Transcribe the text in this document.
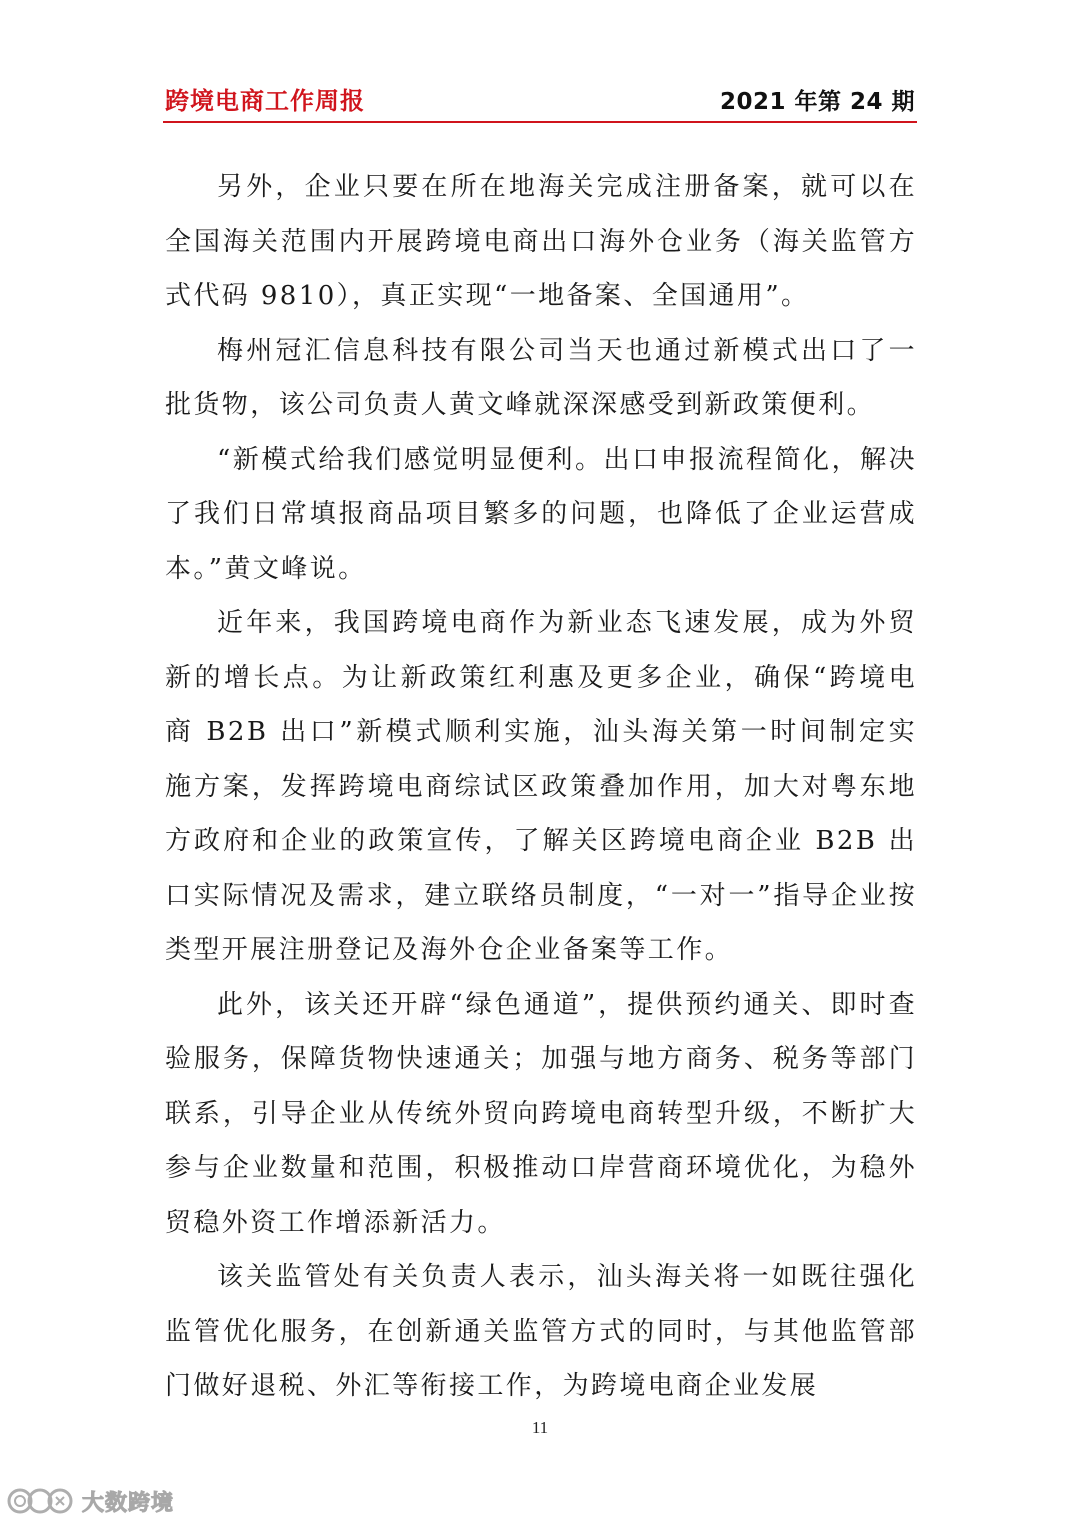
跨境电商工作周报	2021 年第 24 期

另外，企业只要在所在地海关完成注册备案，就可以在全国海关范围内开展跨境电商出口海外仓业务（海关监管方式代码 9810），真正实现“一地备案、全国通用”。

梅州冠汇信息科技有限公司当天也通过新模式出口了一批货物，该公司负责人黄文峰就深深感受到新政策便利。

“新模式给我们感觉明显便利。出口申报流程简化，解决了我们日常填报商品项目繁多的问题，也降低了企业运营成本。”黄文峰说。

近年来，我国跨境电商作为新业态飞速发展，成为外贸新的增长点。为让新政策红利惠及更多企业，确保“跨境电商 B2B 出口”新模式顺利实施，汕头海关第一时间制定实施方案，发挥跨境电商综试区政策叠加作用，加大对粤东地方政府和企业的政策宣传，了解关区跨境电商企业 B2B 出口实际情况及需求，建立联络员制度，“一对一”指导企业按类型开展注册登记及海外仓企业备案等工作。

此外，该关还开辟“绿色通道”，提供预约通关、即时查验服务，保障货物快速通关；加强与地方商务、税务等部门联系，引导企业从传统外贸向跨境电商转型升级，不断扩大参与企业数量和范围，积极推动口岸营商环境优化，为稳外贸稳外资工作增添新活力。

该关监管处有关负责人表示，汕头海关将一如既往强化监管优化服务，在创新通关监管方式的同时，与其他监管部门做好退税、外汇等衔接工作，为跨境电商企业发展

11
大数跨境
